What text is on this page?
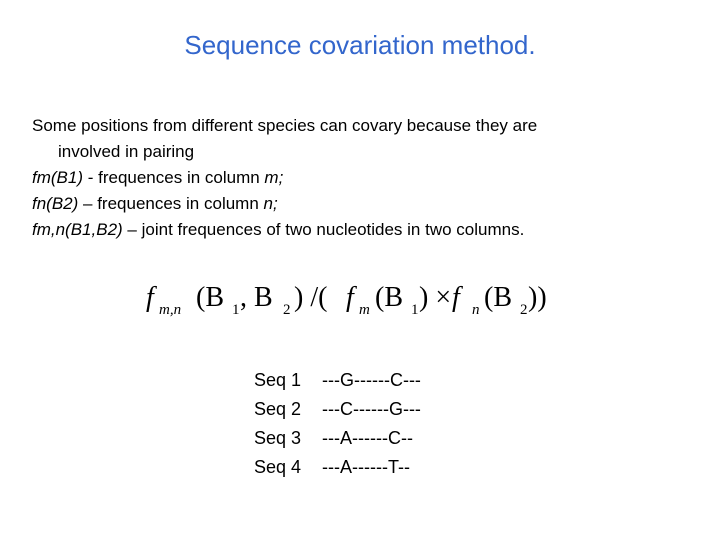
Sequence covariation method.

Some positions from different species can covary because they are
involved in pairing

fm(B1) - frequences in column m;

fn(B2) – frequences in column n;

fm,n(B1,B2) – joint frequences of two nucleotides in two columns.

f m,n (B 1 , B 2 ) /( f m (B 1 ) × f n (B 2 ))
Seq 1	---G------C---
Seq 2	---C------G---
Seq 3	---A------C--
Seq 4	---A------T--
